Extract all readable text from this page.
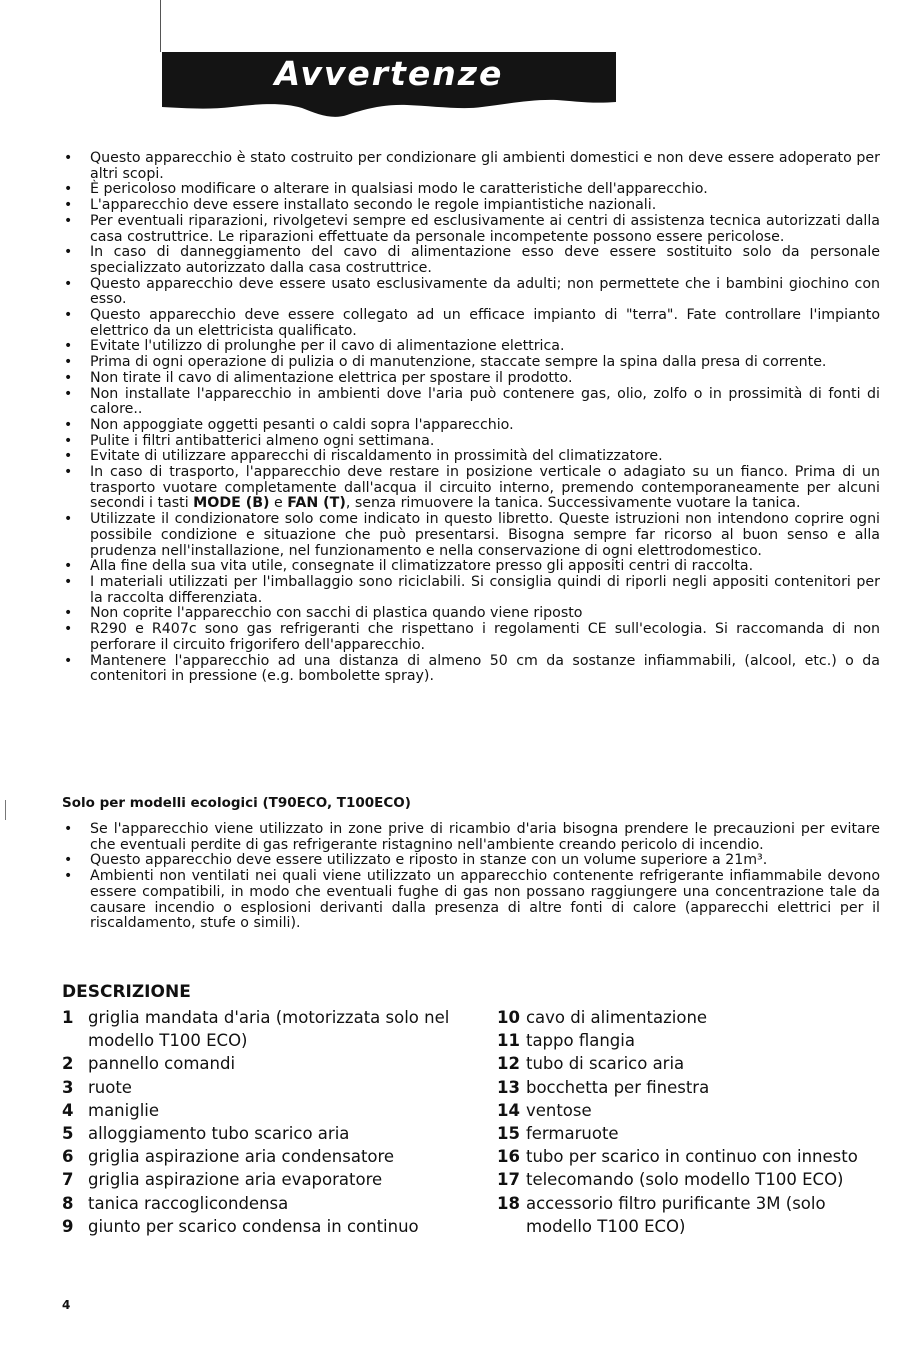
Avvertenze
• Questo apparecchio è stato costruito per condizionare gli ambienti domestici e non deve essere adoperato per altri scopi.
• È pericoloso modificare o alterare in qualsiasi modo le caratteristiche dell'apparecchio.
• L'apparecchio deve essere installato secondo le regole impiantistiche nazionali.
• Per eventuali riparazioni, rivolgetevi sempre ed esclusivamente ai centri di assistenza tecnica autorizzati dalla casa costruttrice. Le riparazioni effettuate da personale incompetente possono essere pericolose.
• In caso di danneggiamento del cavo di alimentazione esso deve essere sostituito solo da personale specializzato autorizzato dalla casa costruttrice.
• Questo apparecchio deve essere usato esclusivamente da adulti; non permettete che i bambini giochino con esso.
• Questo apparecchio deve essere collegato ad un efficace impianto di "terra". Fate controllare l'impianto elettrico da un elettricista qualificato.
• Evitate l'utilizzo di prolunghe per il cavo di alimentazione elettrica.
• Prima di ogni operazione di pulizia o di manutenzione, staccate sempre la spina dalla presa di corrente.
• Non tirate il cavo di alimentazione elettrica per spostare il prodotto.
• Non installate l'apparecchio in ambienti dove l'aria può contenere gas, olio, zolfo o in prossimità di fonti di calore..
• Non appoggiate oggetti pesanti o caldi sopra l'apparecchio.
• Pulite i filtri antibatterici almeno ogni settimana.
• Evitate di utilizzare apparecchi di riscaldamento in prossimità del climatizzatore.
• In caso di trasporto, l'apparecchio deve restare in posizione verticale o adagiato su un fianco. Prima di un trasporto vuotare completamente dall'acqua il circuito interno, premendo contemporaneamente per alcuni secondi i tasti MODE (B) e FAN (T), senza rimuovere la tanica. Successivamente vuotare la tanica.
• Utilizzate il condizionatore solo come indicato in questo libretto. Queste istruzioni non intendono coprire ogni possibile condizione e situazione che può presentarsi. Bisogna sempre far ricorso al buon senso e alla prudenza nell'installazione, nel funzionamento e nella conservazione di ogni elettrodomestico.
• Alla fine della sua vita utile, consegnate il climatizzatore presso gli appositi centri di raccolta.
• I materiali utilizzati per l'imballaggio sono riciclabili. Si consiglia quindi di riporli negli appositi contenitori per la raccolta differenziata.
• Non coprite l'apparecchio con sacchi di plastica quando viene riposto
• R290 e R407c sono gas refrigeranti che rispettano i regolamenti CE sull'ecologia. Si raccomanda di non perforare il circuito frigorifero dell'apparecchio.
• Mantenere l'apparecchio ad una distanza di almeno 50 cm da sostanze infiammabili, (alcool, etc.) o da contenitori in pressione (e.g. bombolette spray).
Solo per modelli ecologici (T90ECO, T100ECO)
• Se l'apparecchio viene utilizzato in zone prive di ricambio d'aria bisogna prendere le precauzioni per evitare che eventuali perdite di gas refrigerante ristagnino nell'ambiente creando pericolo di incendio.
• Questo apparecchio deve essere utilizzato e riposto in stanze con un volume superiore a 21m³.
• Ambienti non ventilati nei quali viene utilizzato un apparecchio contenente refrigerante infiammabile devono essere compatibili, in modo che eventuali fughe di gas non possano raggiungere una concentrazione tale da causare incendio o esplosioni derivanti dalla presenza di altre fonti di calore (apparecchi elettrici per il riscaldamento, stufe o simili).
DESCRIZIONE
1 griglia mandata d'aria (motorizzata solo nel modello T100 ECO)
2 pannello comandi
3 ruote
4 maniglie
5 alloggiamento tubo scarico aria
6 griglia aspirazione aria condensatore
7 griglia aspirazione aria evaporatore
8 tanica raccoglicondensa
9 giunto per scarico condensa in continuo
10 cavo di alimentazione
11 tappo flangia
12 tubo di scarico aria
13 bocchetta per finestra
14 ventose
15 fermaruote
16 tubo per scarico in continuo con innesto
17 telecomando (solo modello T100 ECO)
18 accessorio filtro purificante 3M (solo modello T100 ECO)
4
